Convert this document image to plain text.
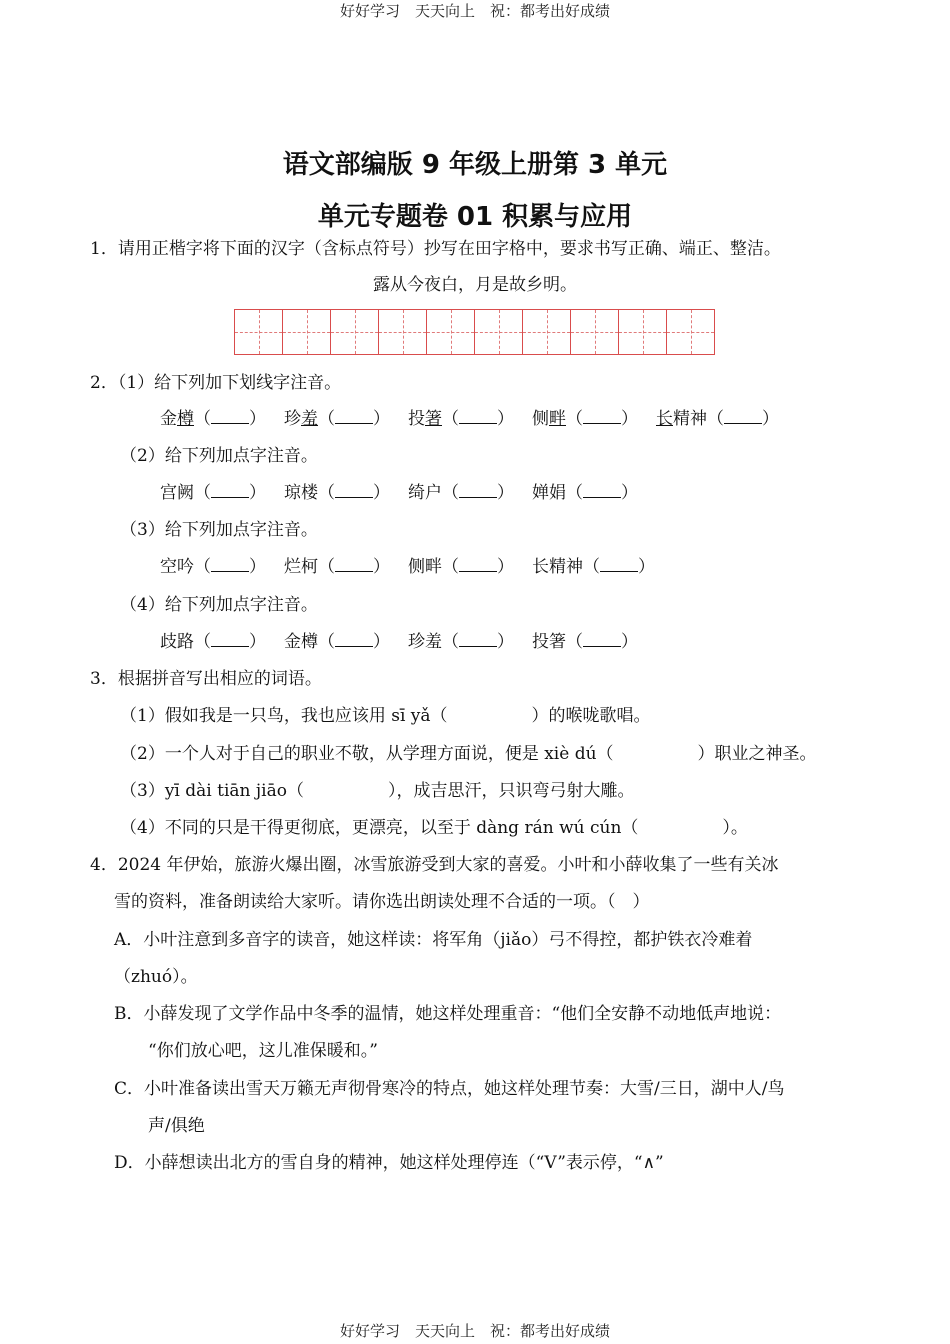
好好学习　天天向上　祝：都考出好成绩
语文部编版 9 年级上册第 3 单元
单元专题卷 01 积累与应用
1．请用正楷字将下面的汉字（含标点符号）抄写在田字格中，要求书写正确、端正、整洁。
露从今夜白，月是故乡明。
2．（1）给下列加下划线字注音。
金樽（ ） 珍羞（ ） 投箸（ ） 侧畔（ ） 长精神（ ）
（2）给下列加点字注音。
宫阙（ ） 琼楼（ ） 绮户（ ） 婵娟（ ）
（3）给下列加点字注音。
空吟（ ） 烂柯（ ） 侧畔（ ） 长精神（ ）
（4）给下列加点字注音。
歧路（ ） 金樽（ ） 珍羞（ ） 投箸（ ）
3．根据拼音写出相应的词语。
（1）假如我是一只鸟，我也应该用 sī yǎ（	）的喉咙歌唱。
（2）一个人对于自己的职业不敬，从学理方面说，便是 xiè dú（	）职业之神圣。
（3）yī dài tiān jiāo（	），成吉思汗，只识弯弓射大雕。
（4）不同的只是干得更彻底，更漂亮，以至于 dàng rán wú cún（	）。
4．2024 年伊始，旅游火爆出圈，冰雪旅游受到大家的喜爱。小叶和小薛收集了一些有关冰
雪的资料，准备朗读给大家听。请你选出朗读处理不合适的一项。（　）
A．小叶注意到多音字的读音，她这样读：将军角（jiǎo）弓不得控，都护铁衣冷难着
（zhuó）。
B．小薛发现了文学作品中冬季的温情，她这样处理重音：“他们全安静不动地低声地说：
“你们放心吧，这儿准保暖和。”
C．小叶准备读出雪天万籁无声彻骨寒冷的特点，她这样处理节奏：大雪/三日，湖中人/鸟
声/俱绝
D．小薛想读出北方的雪自身的精神，她这样处理停连（“V”表示停，“∧”
好好学习　天天向上　祝：都考出好成绩
